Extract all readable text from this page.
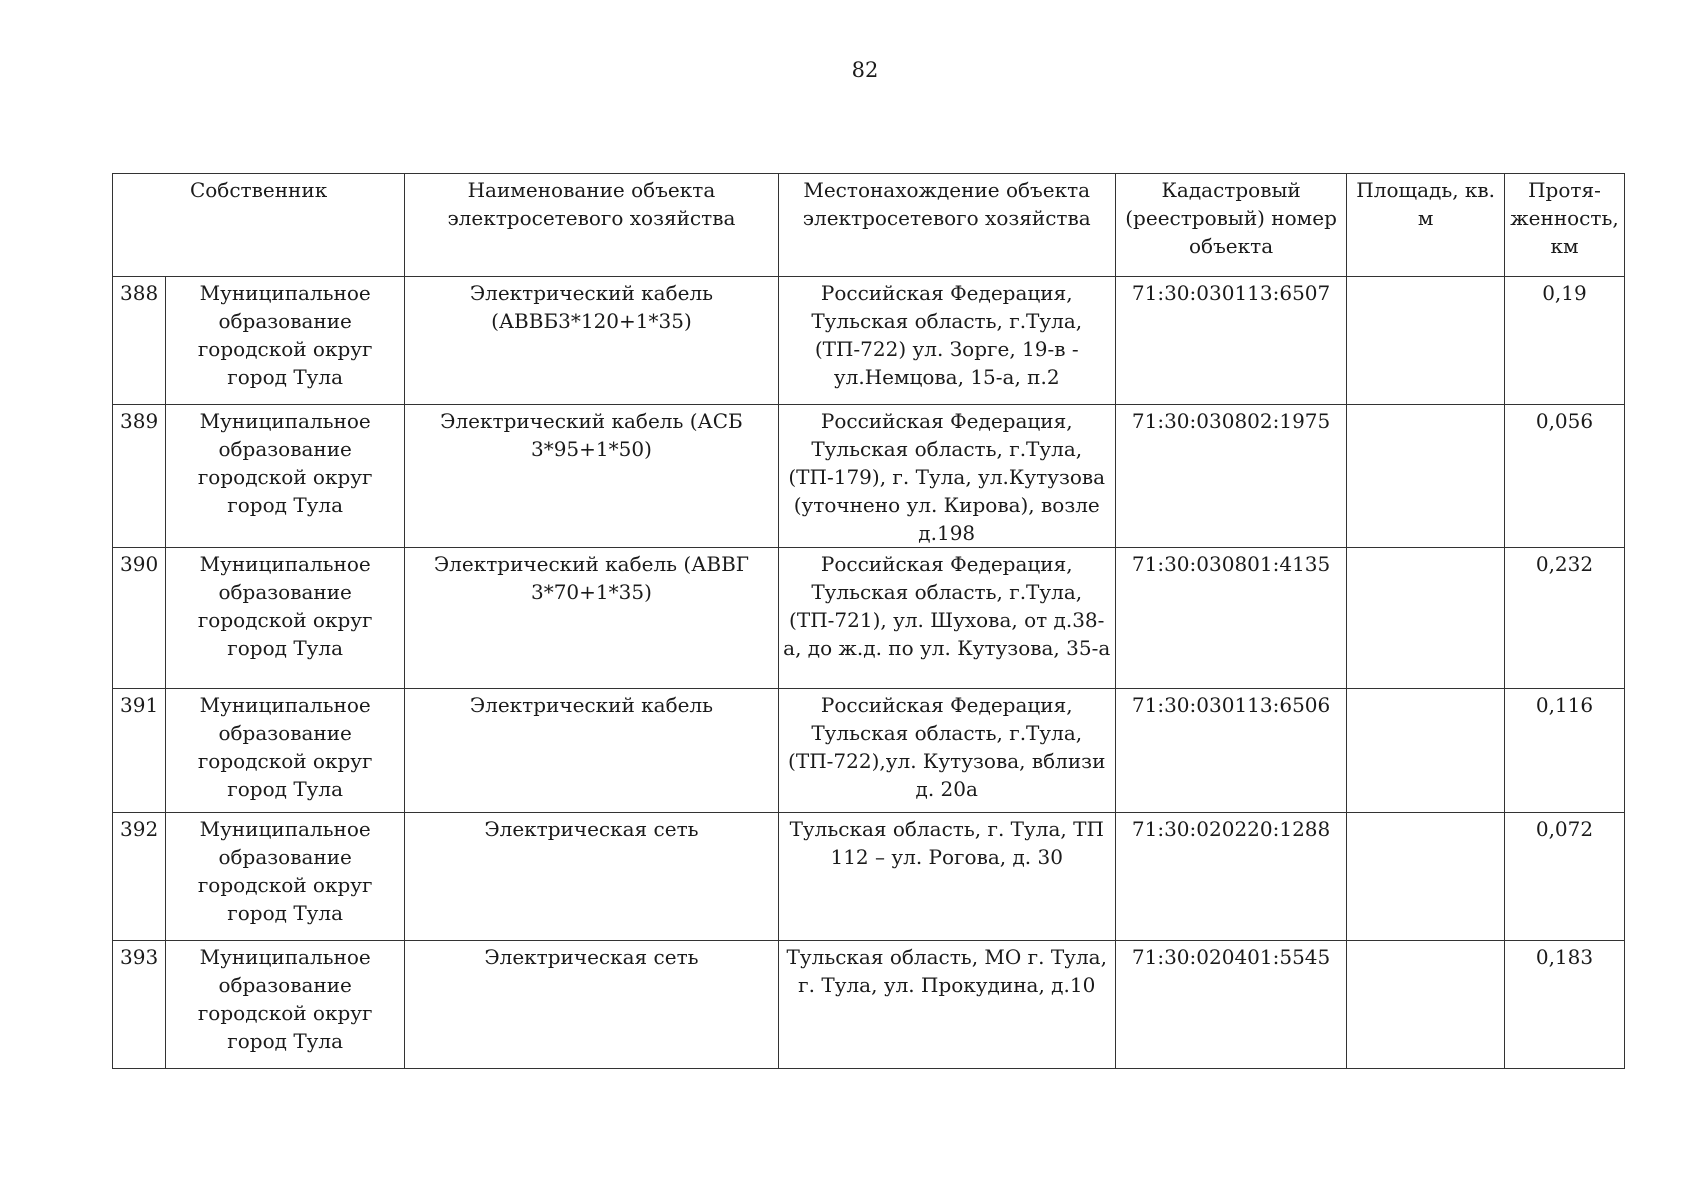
82
Собственник		Наименование объекта электросетевого хозяйства	Местонахождение объекта электросетевого хозяйства	Кадастровый (реестровый) номер объекта	Площадь, кв. м	Протя-женность, км
388	Муниципальное образование городской округ город Тула	Электрический кабель (АВВБ3*120+1*35)	Российская Федерация, Тульская область, г.Тула, (ТП-722) ул. Зорге, 19-в - ул.Немцова, 15-а, п.2	71:30:030113:6507		0,19
389	Муниципальное образование городской округ город Тула	Электрический кабель (АСБ 3*95+1*50)	Российская Федерация, Тульская область, г.Тула, (ТП-179), г. Тула, ул.Кутузова (уточнено ул. Кирова), возле д.198	71:30:030802:1975		0,056
390	Муниципальное образование городской округ город Тула	Электрический кабель (АВВГ 3*70+1*35)	Российская Федерация, Тульская область, г.Тула, (ТП-721), ул. Шухова, от д.38-а, до ж.д. по ул. Кутузова, 35-а	71:30:030801:4135		0,232
391	Муниципальное образование городской округ город Тула	Электрический кабель	Российская Федерация, Тульская область, г.Тула, (ТП-722),ул. Кутузова, вблизи д. 20а	71:30:030113:6506		0,116
392	Муниципальное образование городской округ город Тула	Электрическая сеть	Тульская область, г. Тула, ТП 112 – ул. Рогова, д. 30	71:30:020220:1288		0,072
393	Муниципальное образование городской округ город Тула	Электрическая сеть	Тульская область, МО г. Тула, г. Тула, ул. Прокудина, д.10	71:30:020401:5545		0,183
